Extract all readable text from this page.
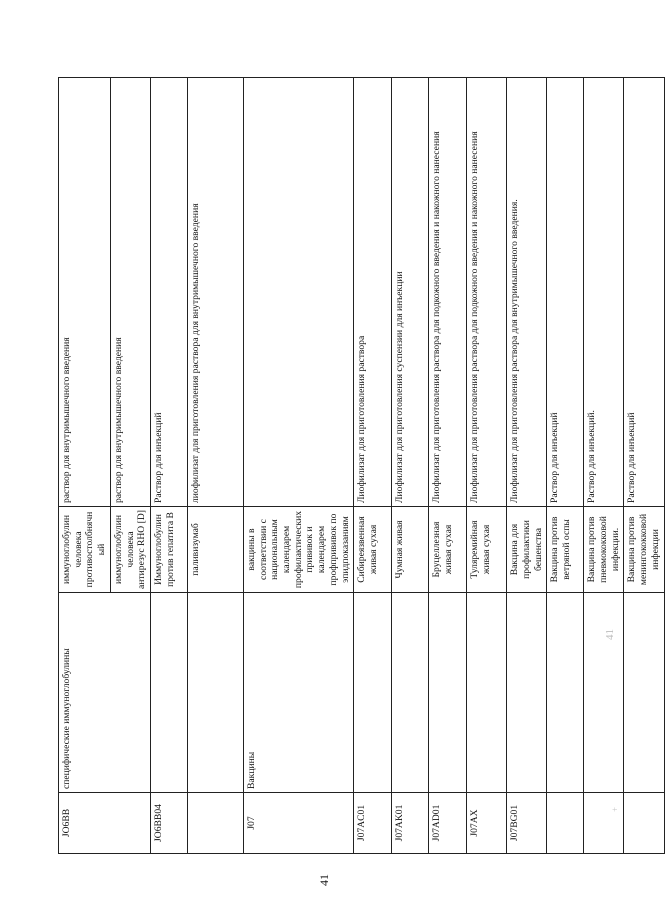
JO6BB	специфические иммуноглобулины	иммуноглобулин человека противостолбнячный	раствор для внутримышечного введения
		иммуноглобулин человека антирезус RHO [D]	раствор для внутримышечного введения
JO6BB04		Иммуноглобулин против гепатита В	Раствор для инъекций
		паливизумаб	лиофилизат для приготовления раствора для внутримышечного введения
J07	Вакцины	вакцины в соответствии с национальным календарем профилактических прививок и календарем профпрививок по эпидпоказаниям	
J07AC01		Сибиреязвенная живая сухая	Лиофилизат для приготовления раствора
J07AK01		Чумная живая	Лиофилизат для приготовления суспензии для инъекции
J07AD01		Бруцеллезная живая сухая	Лиофилизат для приготовления раствора для подкожного введения и накожного нанесения
J07AX		Туляремийная живая сухая	Лиофилизат для приготовления раствора для подкожного введения и накожного нанесения
J07BG01		Вакцина для профилактики бешенства	Лиофилизат для приготовления раствора для внутримышечного введения.
		Вакцина против ветряной оспы	Раствор для инъекций
		Вакцина против пневмококковой инфекции.	Раствор для инъекций.
		Вакцина против менингококковой инфекции	Раствор для инъекций
41
41
+
